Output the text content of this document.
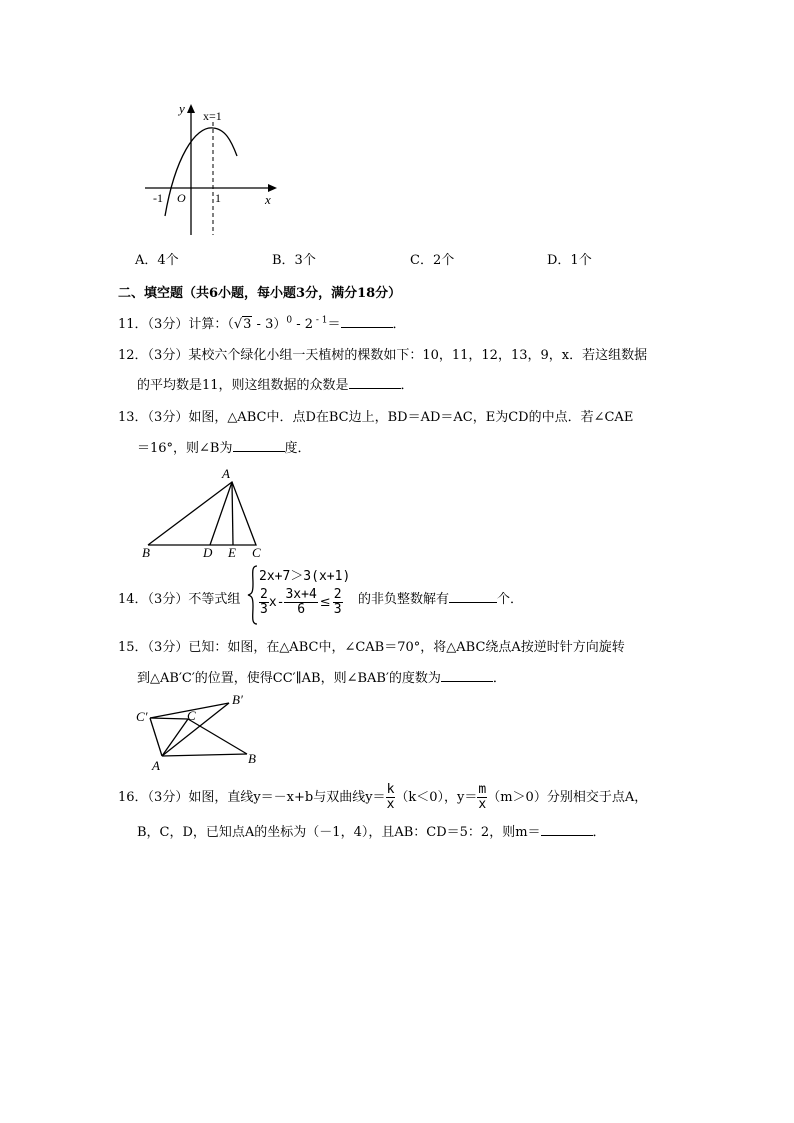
y
x
x=1
O
-1	1
A．4个	B．3个	C．2个	D．1个
二、填空题（共6小题，每小题3分，满分18分）
11．（3分）计算：（√3 - 3）$^0$ - 2 $^{- 1}$＝	．
12．（3分）某校六个绿化小组一天植树的棵数如下：10，11，12，13，9，x．若这组数据
的平均数是11，则这组数据的众数是	．
13．（3分）如图，△ABC中．点D在BC边上，BD＝AD＝AC，E为CD的中点．若∠CAE
＝16°，则∠B为	度．
A
B	D E C
14．（3分）不等式组
2x+7＞3(x+1)
$\frac{2}{3} x- \frac{3x+4}{6} \le \frac{2}{3}$ 的非负整数解有	个．
15．（3分）已知：如图，在△ABC中，∠CAB＝70°，将△ABC绕点A按逆时针方向旋转
到△AB′C′的位置，使得CC′∥AB，则∠BAB′的度数为	．
C′
B′
C
A	B
16．（3分）如图，直线y＝－x+b与双曲线$y= \frac{k}{x} (k<0)$，$y= \frac{m}{x} (m>0)$分别相交于点A，
B，C，D，已知点A的坐标为（－1，4），且AB：CD＝5：2，则m＝	．
